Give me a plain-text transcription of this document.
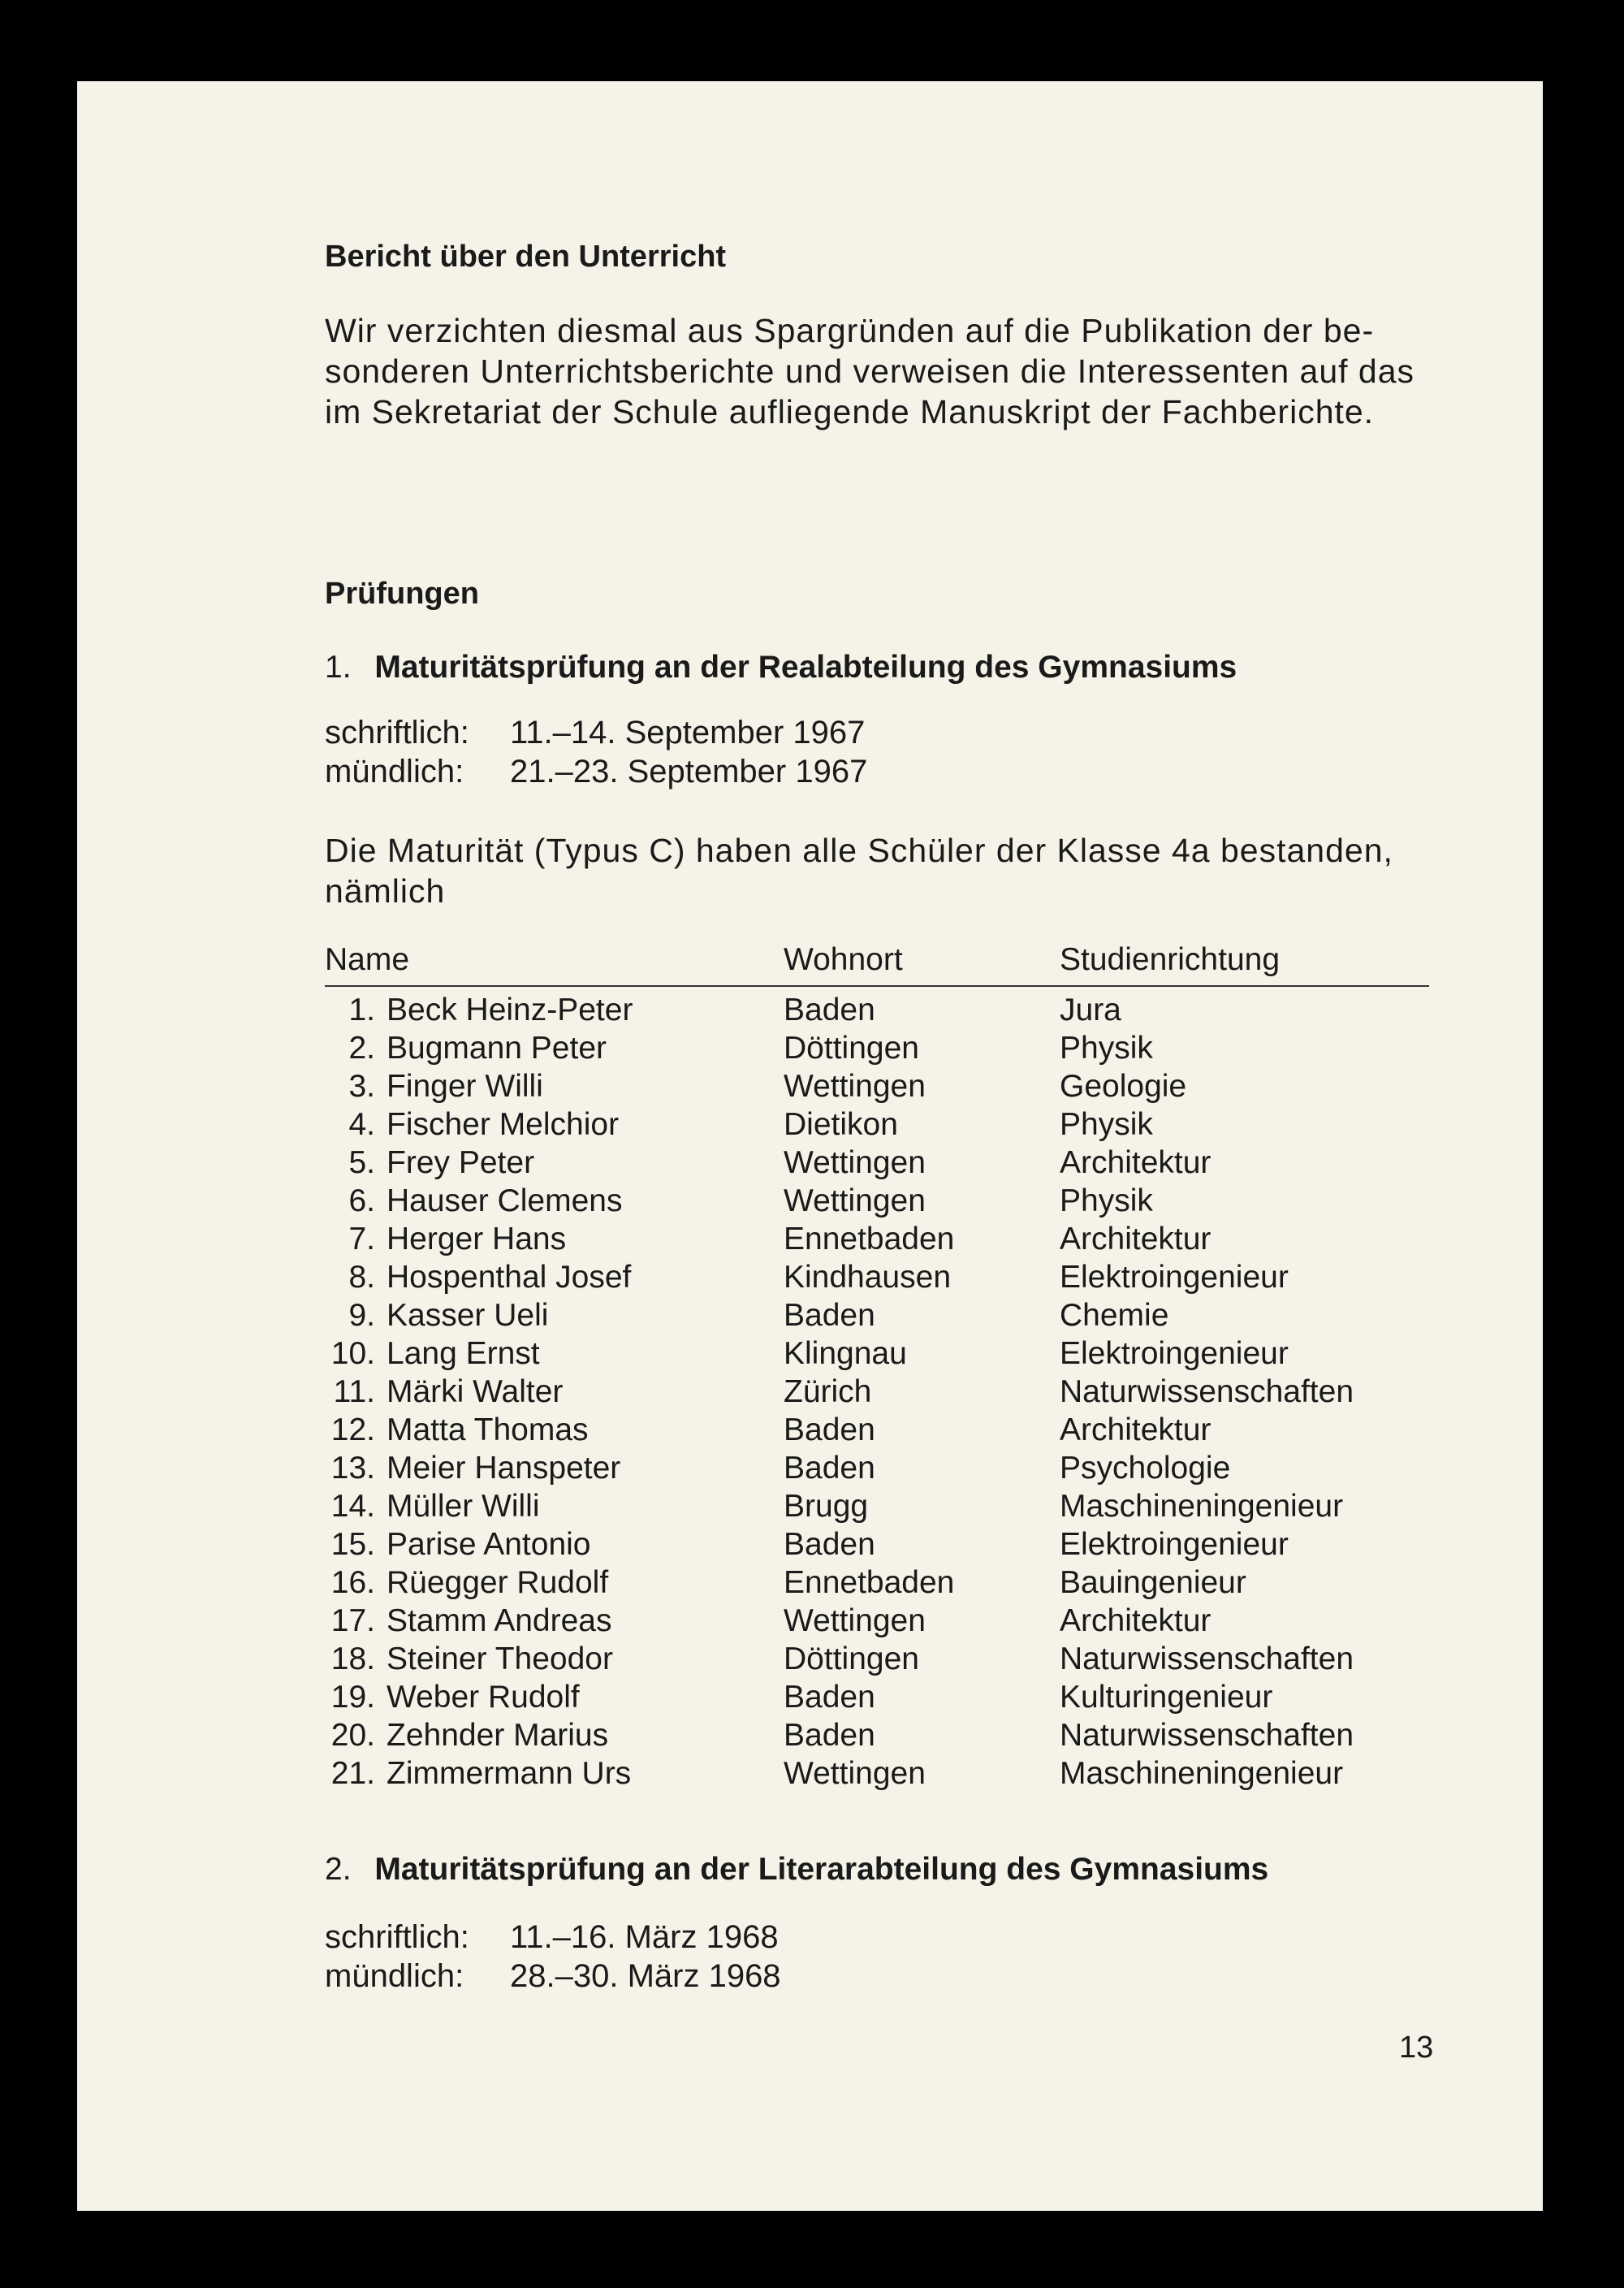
Bericht über den Unterricht
Wir verzichten diesmal aus Spargründen auf die Publikation der be-
sonderen Unterrichtsberichte und verweisen die Interessenten auf das
im Sekretariat der Schule aufliegende Manuskript der Fachberichte.
Prüfungen
1. Maturitätsprüfung an der Realabteilung des Gymnasiums
schriftlich: 11.–14. September 1967
mündlich: 21.–23. September 1967
Die Maturität (Typus C) haben alle Schüler der Klasse 4a bestanden,
nämlich
Name	Wohnort	Studienrichtung
1. Beck Heinz-Peter	Baden	Jura
2. Bugmann Peter	Döttingen	Physik
3. Finger Willi	Wettingen	Geologie
4. Fischer Melchior	Dietikon	Physik
5. Frey Peter	Wettingen	Architektur
6. Hauser Clemens	Wettingen	Physik
7. Herger Hans	Ennetbaden	Architektur
8. Hospenthal Josef	Kindhausen	Elektroingenieur
9. Kasser Ueli	Baden	Chemie
10. Lang Ernst	Klingnau	Elektroingenieur
11. Märki Walter	Zürich	Naturwissenschaften
12. Matta Thomas	Baden	Architektur
13. Meier Hanspeter	Baden	Psychologie
14. Müller Willi	Brugg	Maschineningenieur
15. Parise Antonio	Baden	Elektroingenieur
16. Rüegger Rudolf	Ennetbaden	Bauingenieur
17. Stamm Andreas	Wettingen	Architektur
18. Steiner Theodor	Döttingen	Naturwissenschaften
19. Weber Rudolf	Baden	Kulturingenieur
20. Zehnder Marius	Baden	Naturwissenschaften
21. Zimmermann Urs	Wettingen	Maschineningenieur
2. Maturitätsprüfung an der Literarabteilung des Gymnasiums
schriftlich: 11.–16. März 1968
mündlich: 28.–30. März 1968
13
